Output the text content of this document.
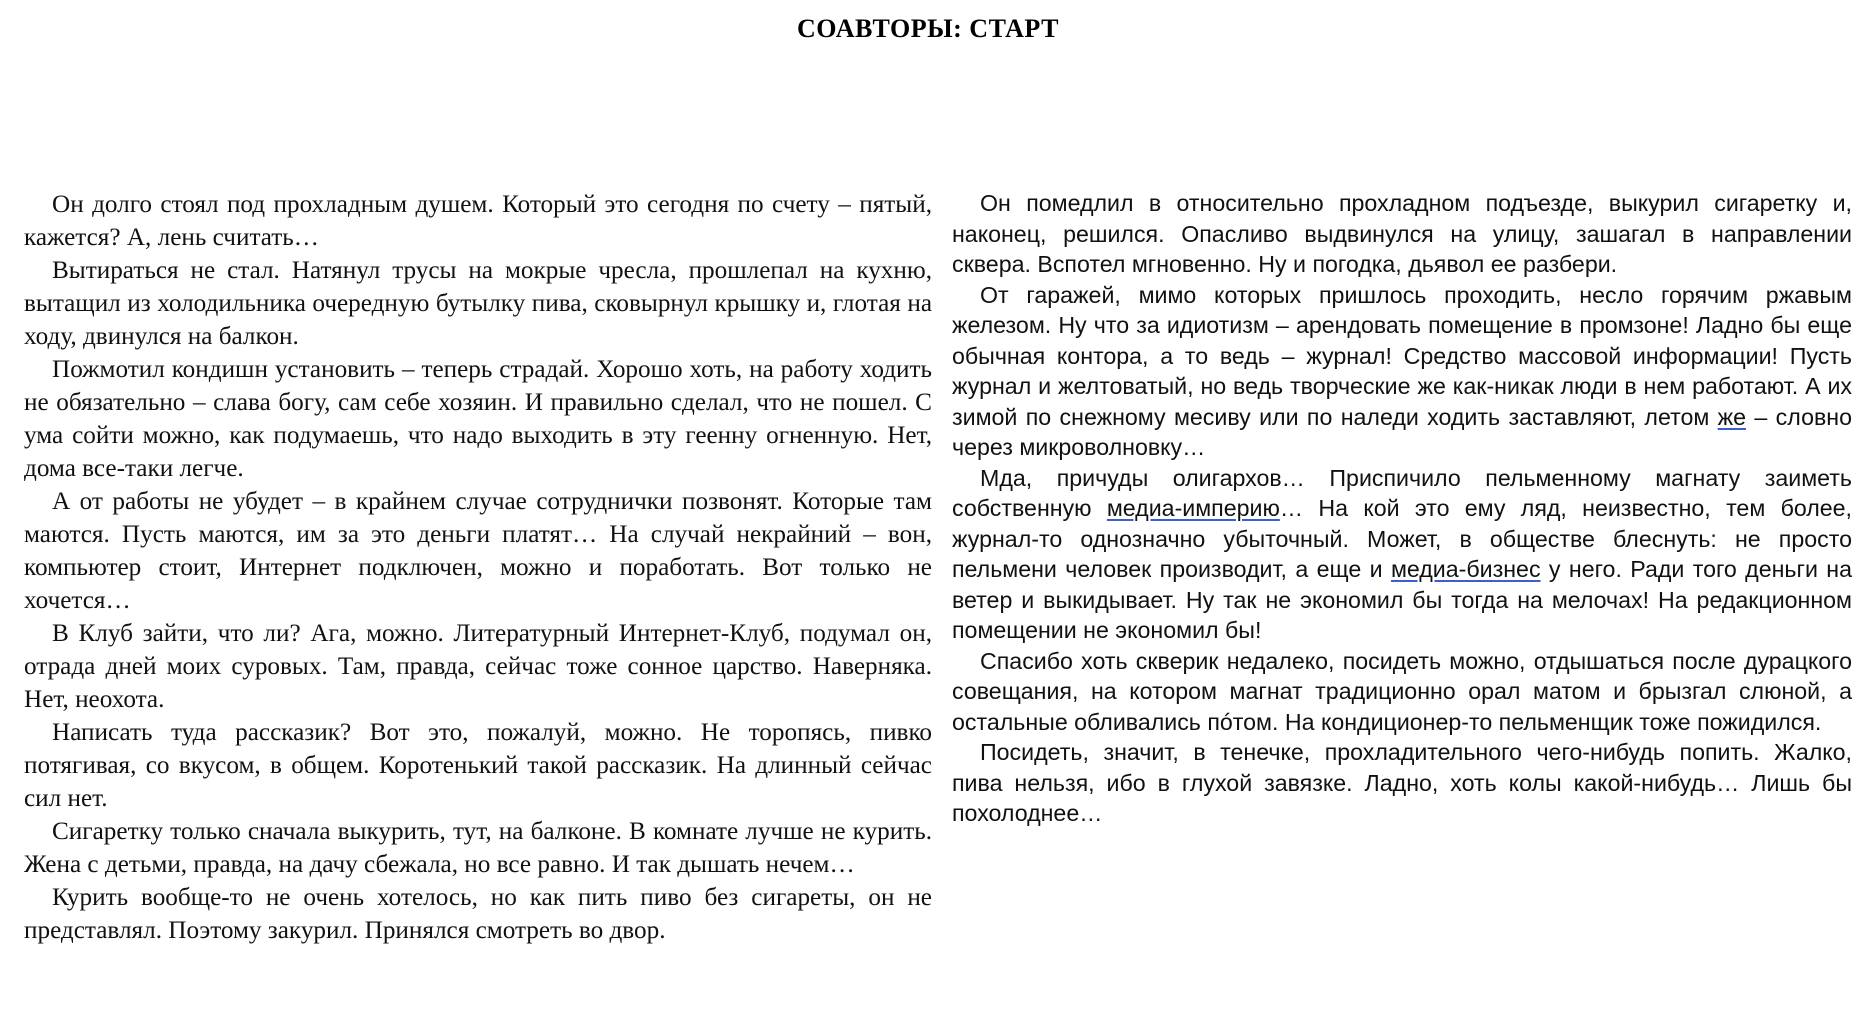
СОАВТОРЫ: СТАРТ

Он долго стоял под прохладным душем. Который это сегодня по счету – пятый, кажется? А, лень считать…

Вытираться не стал. Натянул трусы на мокрые чресла, прошлепал на кухню, вытащил из холодильника очередную бутылку пива, сковырнул крышку и, глотая на ходу, двинулся на балкон.

Пожмотил кондишн установить – теперь страдай. Хорошо хоть, на работу ходить не обязательно – слава богу, сам себе хозяин. И правильно сделал, что не пошел. С ума сойти можно, как подумаешь, что надо выходить в эту геенну огненную. Нет, дома все-таки легче.

А от работы не убудет – в крайнем случае сотруднички позвонят. Которые там маются. Пусть маются, им за это деньги платят… На случай некрайний – вон, компьютер стоит, Интернет подключен, можно и поработать. Вот только не хочется…

В Клуб зайти, что ли? Ага, можно. Литературный Интернет-Клуб, подумал он, отрада дней моих суровых. Там, правда, сейчас тоже сонное царство. Наверняка. Нет, неохота.

Написать туда рассказик? Вот это, пожалуй, можно. Не торопясь, пивко потягивая, со вкусом, в общем. Коротенький такой рассказик. На длинный сейчас сил нет.

Сигаретку только сначала выкурить, тут, на балконе. В комнате лучше не курить. Жена с детьми, правда, на дачу сбежала, но все равно. И так дышать нечем…

Курить вообще-то не очень хотелось, но как пить пиво без сигареты, он не представлял. Поэтому закурил. Принялся смотреть во двор.

Он помедлил в относительно прохладном подъезде, выкурил сигаретку и, наконец, решился. Опасливо выдвинулся на улицу, зашагал в направлении сквера. Вспотел мгновенно. Ну и погодка, дьявол ее разбери.

От гаражей, мимо которых пришлось проходить, несло горячим ржавым железом. Ну что за идиотизм – арендовать помещение в промзоне! Ладно бы еще обычная контора, а то ведь – журнал! Средство массовой информации! Пусть журнал и желтоватый, но ведь творческие же как-никак люди в нем работают. А их зимой по снежному месиву или по наледи ходить заставляют, летом же – словно через микроволновку…

Мда, причуды олигархов… Приспичило пельменному магнату заиметь собственную медиа-империю… На кой это ему ляд, неизвестно, тем более, журнал-то однозначно убыточный. Может, в обществе блеснуть: не просто пельмени человек производит, а еще и медиа-бизнес у него. Ради того деньги на ветер и выкидывает. Ну так не экономил бы тогда на мелочах! На редакционном помещении не экономил бы!

Спасибо хоть скверик недалеко, посидеть можно, отдышаться после дурацкого совещания, на котором магнат традиционно орал матом и брызгал слюной, а остальные обливались пóтом. На кондиционер-то пельменщик тоже пожидился.

Посидеть, значит, в тенечке, прохладительного чего-нибудь попить. Жалко, пива нельзя, ибо в глухой завязке. Ладно, хоть колы какой-нибудь… Лишь бы похолоднее…
